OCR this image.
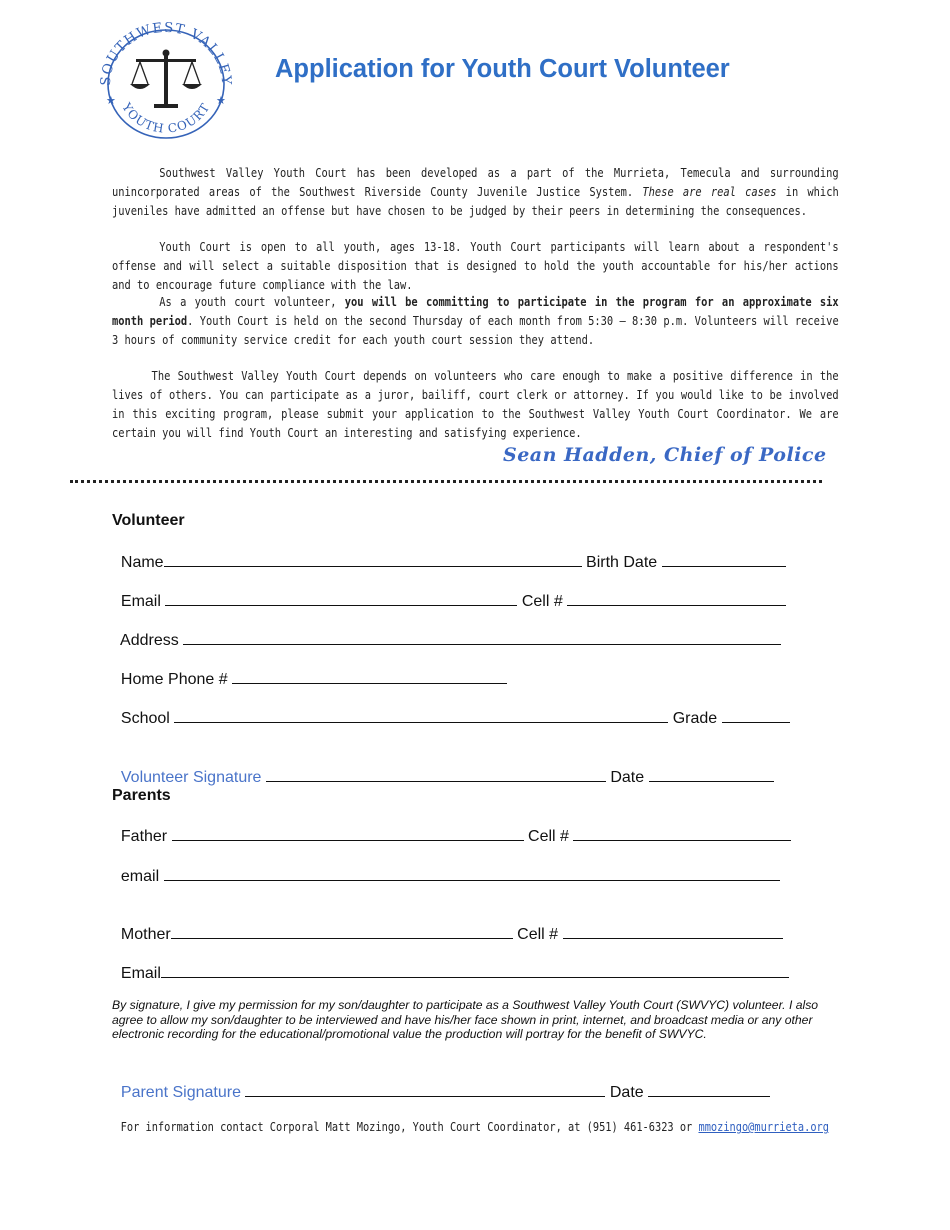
SOUTHWEST VALLEY
YOUTH COURT
★	★
Application for Youth Court Volunteer

Southwest Valley Youth Court has been developed as a part of the Murrieta, Temecula and surrounding unincorporated areas of the Southwest Riverside County Juvenile Justice System. These are real cases in which juveniles have admitted an offense but have chosen to be judged by their peers in determining the consequences.

Youth Court is open to all youth, ages 13-18. Youth Court participants will learn about a respondent's offense and will select a suitable disposition that is designed to hold the youth accountable for his/her actions and to encourage future compliance with the law.

As a youth court volunteer, you will be committing to participate in the program for an approximate six month period. Youth Court is held on the second Thursday of each month from 5:30 – 8:30 p.m. Volunteers will receive 3 hours of community service credit for each youth court session they attend.

The Southwest Valley Youth Court depends on volunteers who care enough to make a positive difference in the lives of others. You can participate as a juror, bailiff, court clerk or attorney. If you would like to be involved in this exciting program, please submit your application to the Southwest Valley Youth Court Coordinator. We are certain you will find Youth Court an interesting and satisfying experience.

Sean Hadden, Chief of Police
Volunteer

Name	Birth Date

Email	Cell #

Address

Home Phone #

School	Grade

Volunteer Signature	Date

Parents

Father	Cell #

email

Mother	Cell #

Email

By signature, I give my permission for my son/daughter to participate as a Southwest Valley Youth Court (SWVYC) volunteer. I also agree to allow my son/daughter to be interviewed and have his/her face shown in print, internet, and broadcast media or any other electronic recording for the educational/promotional value the production will portray for the benefit of SWVYC.

Parent Signature	Date

For information contact Corporal Matt Mozingo, Youth Court Coordinator, at (951) 461-6323 or mmozingo@murrieta.org
